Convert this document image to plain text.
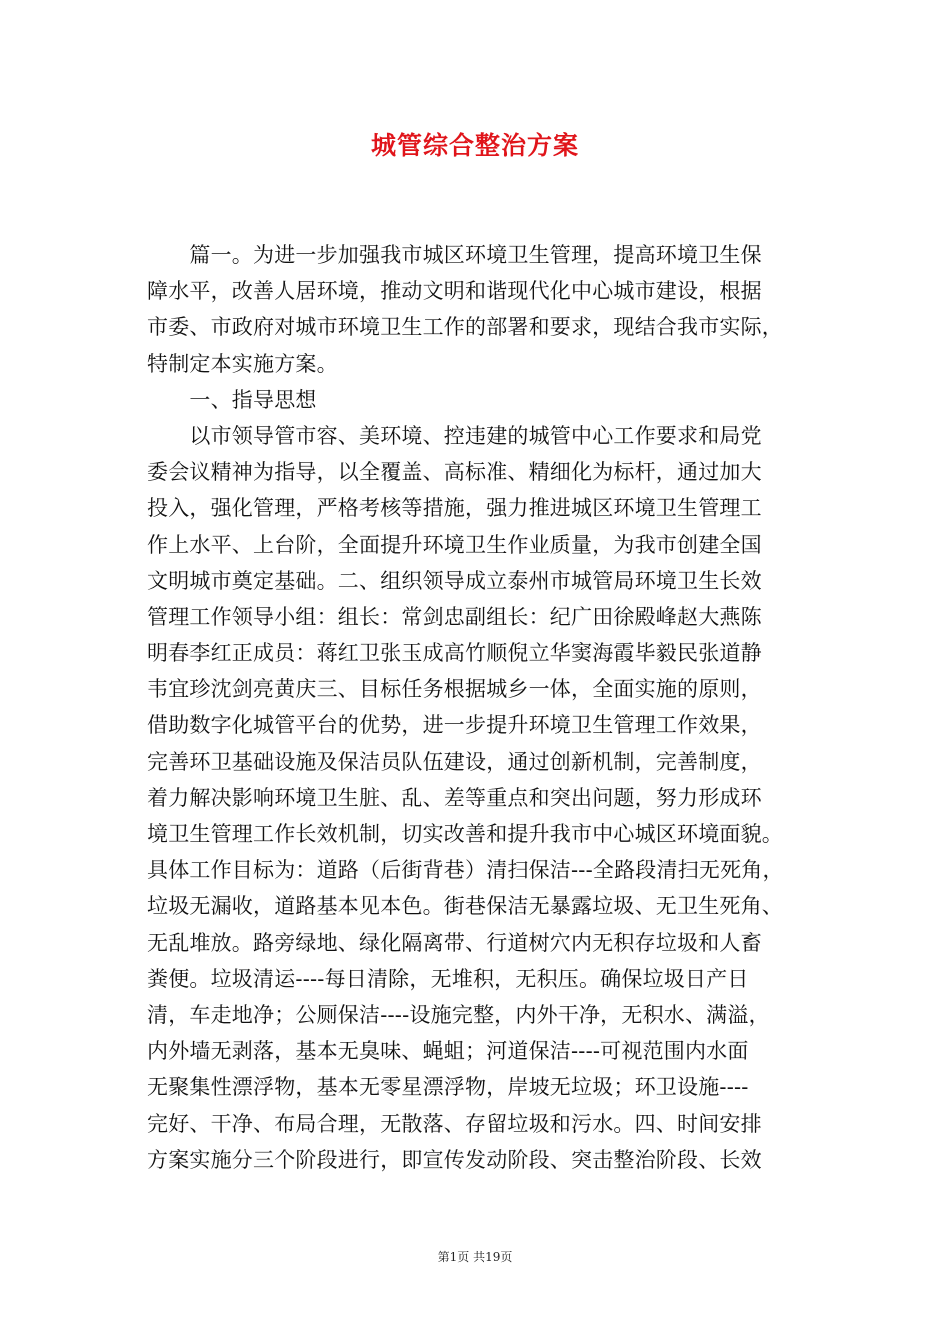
城管综合整治方案
　　篇一。为进一步加强我市城区环境卫生管理，提高环境卫生保
障水平，改善人居环境，推动文明和谐现代化中心城市建设，根据
市委、市政府对城市环境卫生工作的部署和要求，现结合我市实际，
特制定本实施方案。
　　一、指导思想
　　以市领导管市容、美环境、控违建的城管中心工作要求和局党
委会议精神为指导，以全覆盖、高标准、精细化为标杆，通过加大
投入，强化管理，严格考核等措施，强力推进城区环境卫生管理工
作上水平、上台阶，全面提升环境卫生作业质量，为我市创建全国
文明城市奠定基础。二、组织领导成立泰州市城管局环境卫生长效
管理工作领导小组：组长：常剑忠副组长：纪广田徐殿峰赵大燕陈
明春李红正成员：蒋红卫张玉成高竹顺倪立华窦海霞毕毅民张道静
韦宜珍沈剑亮黄庆三、目标任务根据城乡一体，全面实施的原则，
借助数字化城管平台的优势，进一步提升环境卫生管理工作效果，
完善环卫基础设施及保洁员队伍建设，通过创新机制，完善制度，
着力解决影响环境卫生脏、乱、差等重点和突出问题，努力形成环
境卫生管理工作长效机制，切实改善和提升我市中心城区环境面貌。
具体工作目标为：道路（后街背巷）清扫保洁---全路段清扫无死角，
垃圾无漏收，道路基本见本色。街巷保洁无暴露垃圾、无卫生死角、
无乱堆放。路旁绿地、绿化隔离带、行道树穴内无积存垃圾和人畜
粪便。垃圾清运----每日清除，无堆积，无积压。确保垃圾日产日
清，车走地净；公厕保洁----设施完整，内外干净，无积水、满溢，
内外墙无剥落，基本无臭味、蝇蛆；河道保洁----可视范围内水面
无聚集性漂浮物，基本无零星漂浮物，岸坡无垃圾；环卫设施----
完好、干净、布局合理，无散落、存留垃圾和污水。四、时间安排
方案实施分三个阶段进行，即宣传发动阶段、突击整治阶段、长效
第1页 共19页
